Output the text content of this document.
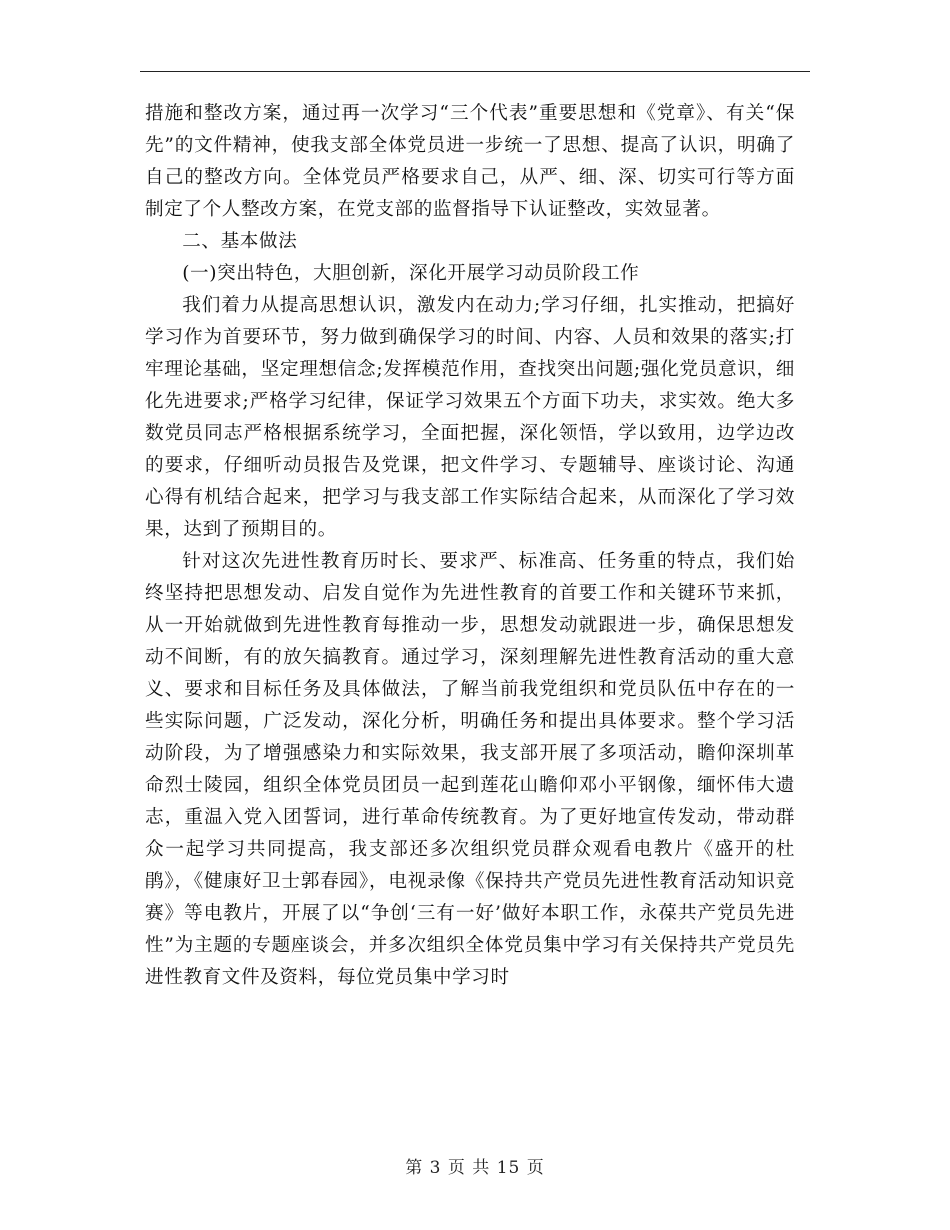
措施和整改方案，通过再一次学习“三个代表”重要思想和《党章》、有关“保先”的文件精神，使我支部全体党员进一步统一了思想、提高了认识，明确了自己的整改方向。全体党员严格要求自己，从严、细、深、切实可行等方面制定了个人整改方案，在党支部的监督指导下认证整改，实效显著。

二、基本做法

(一)突出特色，大胆创新，深化开展学习动员阶段工作

我们着力从提高思想认识，激发内在动力;学习仔细，扎实推动，把搞好学习作为首要环节，努力做到确保学习的时间、内容、人员和效果的落实;打牢理论基础，坚定理想信念;发挥模范作用，查找突出问题;强化党员意识，细化先进要求;严格学习纪律，保证学习效果五个方面下功夫，求实效。绝大多数党员同志严格根据系统学习，全面把握，深化领悟，学以致用，边学边改的要求，仔细听动员报告及党课，把文件学习、专题辅导、座谈讨论、沟通心得有机结合起来，把学习与我支部工作实际结合起来，从而深化了学习效果，达到了预期目的。

针对这次先进性教育历时长、要求严、标准高、任务重的特点，我们始终坚持把思想发动、启发自觉作为先进性教育的首要工作和关键环节来抓，从一开始就做到先进性教育每推动一步，思想发动就跟进一步，确保思想发动不间断，有的放矢搞教育。通过学习，深刻理解先进性教育活动的重大意义、要求和目标任务及具体做法，了解当前我党组织和党员队伍中存在的一些实际问题，广泛发动，深化分析，明确任务和提出具体要求。整个学习活动阶段，为了增强感染力和实际效果，我支部开展了多项活动，瞻仰深圳革命烈士陵园，组织全体党员团员一起到莲花山瞻仰邓小平钢像，缅怀伟大遗志，重温入党入团誓词，进行革命传统教育。为了更好地宣传发动，带动群众一起学习共同提高，我支部还多次组织党员群众观看电教片《盛开的杜鹃》，《健康好卫士郭春园》，电视录像《保持共产党员先进性教育活动知识竞赛》等电教片，开展了以“争创‘三有一好’做好本职工作，永葆共产党员先进性”为主题的专题座谈会，并多次组织全体党员集中学习有关保持共产党员先进性教育文件及资料，每位党员集中学习时

第 3 页 共 15 页
